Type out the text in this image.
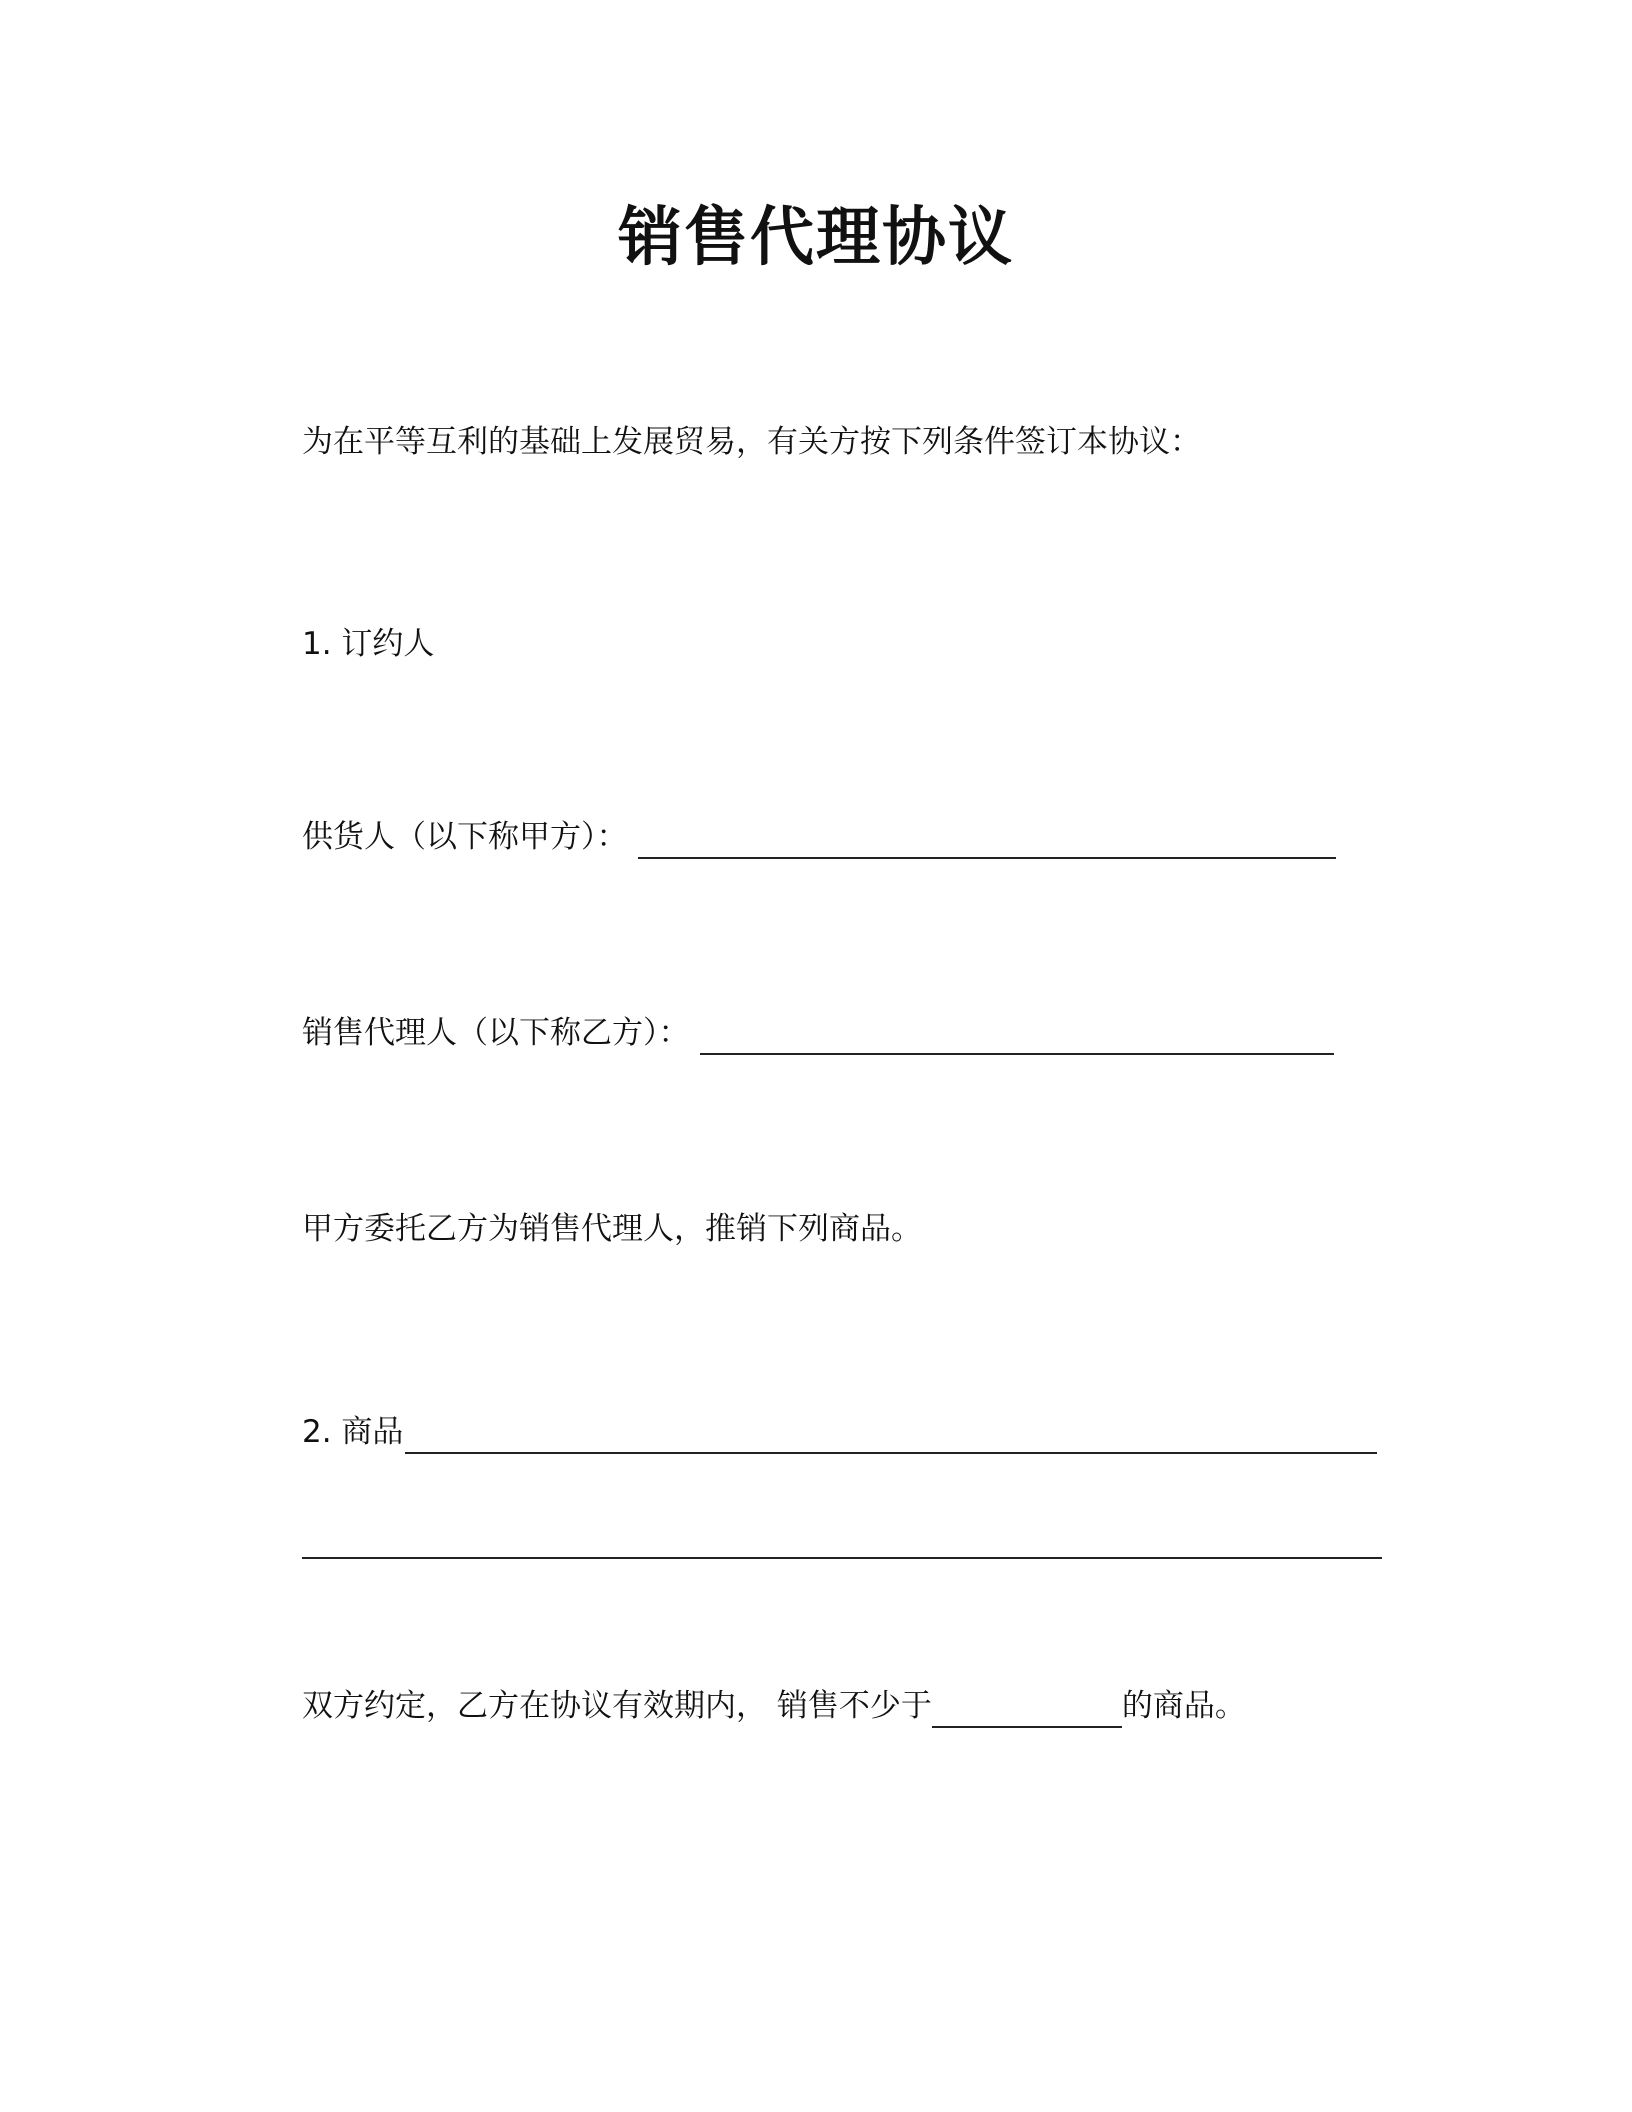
销售代理协议
为在平等互利的基础上发展贸易，有关方按下列条件签订本协议：
1. 订约人
供货人（以下称甲方）：
销售代理人（以下称乙方）：
甲方委托乙方为销售代理人，推销下列商品。
2. 商品
双方约定，乙方在协议有效期内， 销售不少于	的商品。
